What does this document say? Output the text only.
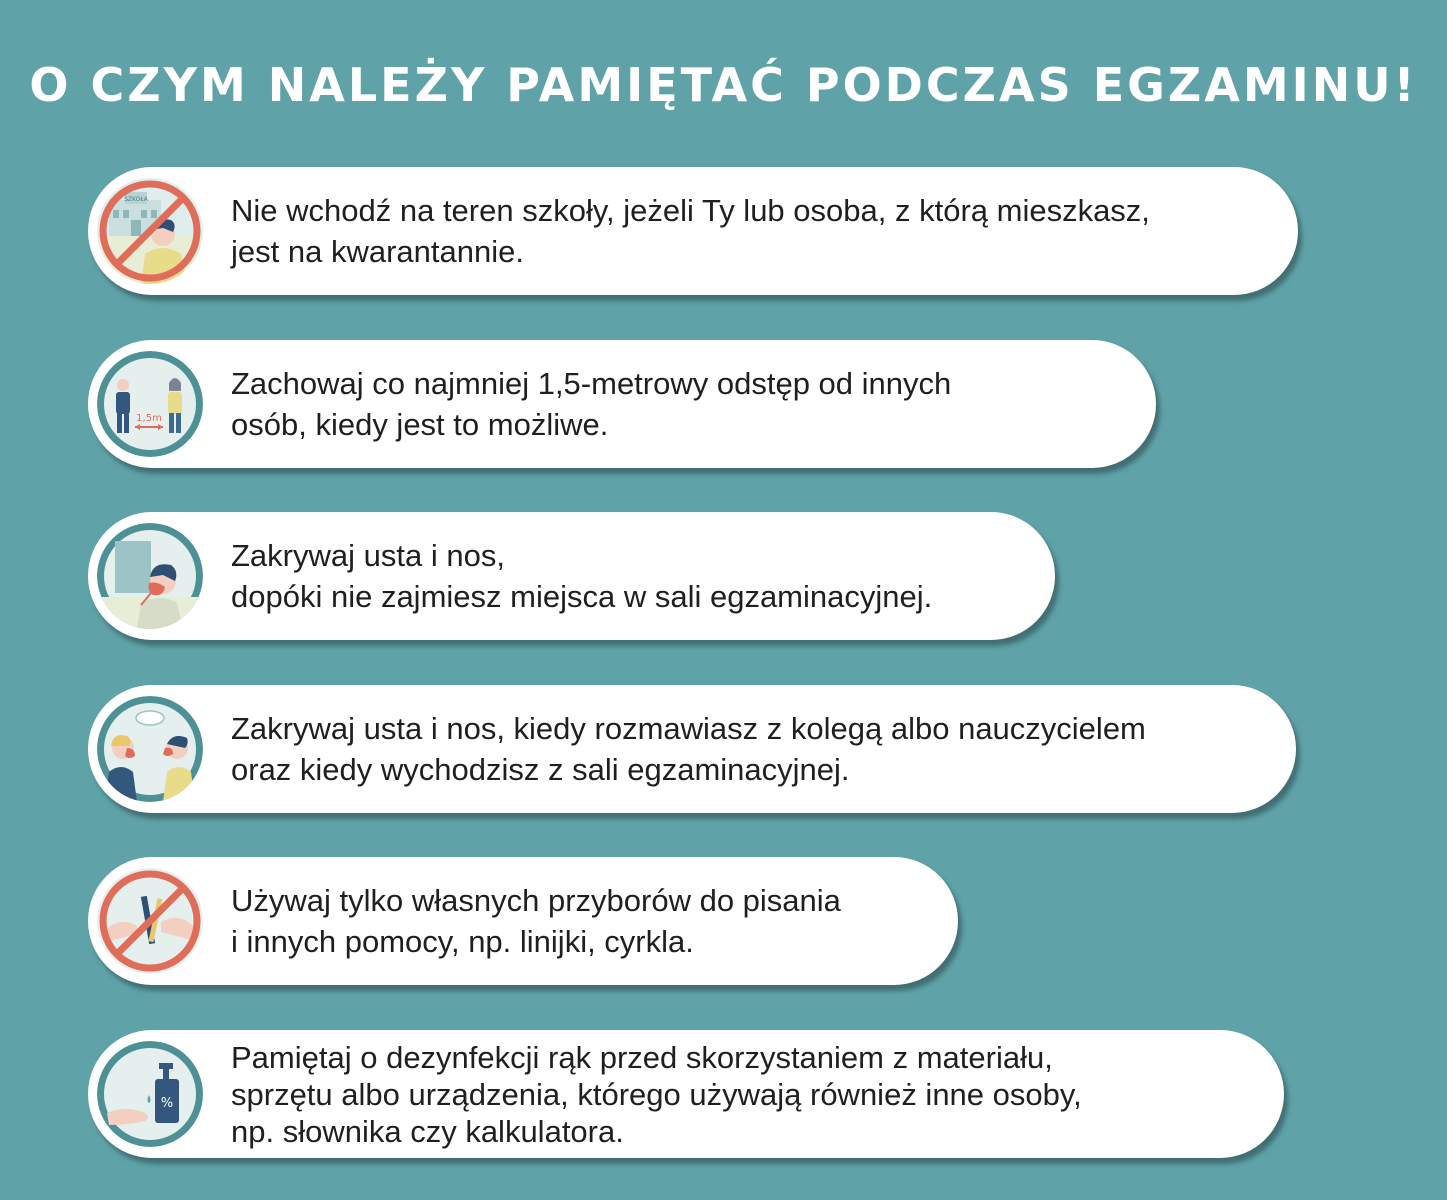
O CZYM NALEŻY PAMIĘTAĆ PODCZAS EGZAMINU!
SZKOŁA	Nie wchodź na teren szkoły, jeżeli Ty lub osoba, z którą mieszkasz,
jest na kwarantannie.
1,5m
Zachowaj co najmniej 1,5-metrowy odstęp od innych
osób, kiedy jest to możliwe.
Zakrywaj usta i nos,
dopóki nie zajmiesz miejsca w sali egzaminacyjnej.
Zakrywaj usta i nos, kiedy rozmawiasz z kolegą albo nauczycielem
oraz kiedy wychodzisz z sali egzaminacyjnej.
Używaj tylko własnych przyborów do pisania
i innych pomocy, np. linijki, cyrkla.
%
Pamiętaj o dezynfekcji rąk przed skorzystaniem z materiału,
sprzętu albo urządzenia, którego używają również inne osoby,
np. słownika czy kalkulatora.
